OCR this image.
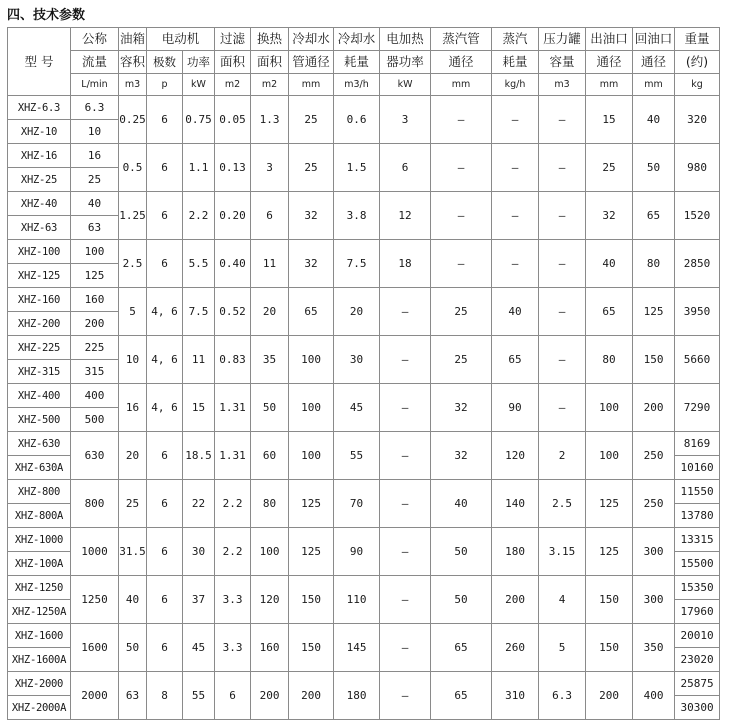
四、技术参数
型 号	公称	油箱	电动机		过滤	换热	冷却水	冷却水	电加热	蒸汽管	蒸汽	压力罐	出油口	回油口	重量
	流量	容积	极数	功率	面积	面积	管通径	耗量	器功率	通径	耗量	容量	通径	通径	(约)
	L/min	m3	p	kW	m2	m2	mm	m3/h	kW	mm	kg/h	m3	mm	mm	kg
XHZ-6.3	6.3	0.25	6	0.75	0.05	1.3	25	0.6	3	—	—	—	15	40	320
XHZ-10	10														
XHZ-16	16	0.5	6	1.1	0.13	3	25	1.5	6	—	—	—	25	50	980
XHZ-25	25														
XHZ-40	40	1.25	6	2.2	0.20	6	32	3.8	12	—	—	—	32	65	1520
XHZ-63	63														
XHZ-100	100	2.5	6	5.5	0.40	11	32	7.5	18	—	—	—	40	80	2850
XHZ-125	125														
XHZ-160	160	5	4, 6	7.5	0.52	20	65	20	—	25	40	—	65	125	3950
XHZ-200	200														
XHZ-225	225	10	4, 6	11	0.83	35	100	30	—	25	65	—	80	150	5660
XHZ-315	315														
XHZ-400	400	16	4, 6	15	1.31	50	100	45	—	32	90	—	100	200	7290
XHZ-500	500														
XHZ-630	630	20	6	18.5	1.31	60	100	55	—	32	120	2	100	250	8169
XHZ-630A															10160
XHZ-800	800	25	6	22	2.2	80	125	70	—	40	140	2.5	125	250	11550
XHZ-800A															13780
XHZ-1000	1000	31.5	6	30	2.2	100	125	90	—	50	180	3.15	125	300	13315
XHZ-100A															15500
XHZ-1250	1250	40	6	37	3.3	120	150	110	—	50	200	4	150	300	15350
XHZ-1250A															17960
XHZ-1600	1600	50	6	45	3.3	160	150	145	—	65	260	5	150	350	20010
XHZ-1600A															23020
XHZ-2000	2000	63	8	55	6	200	200	180	—	65	310	6.3	200	400	25875
XHZ-2000A															30300
